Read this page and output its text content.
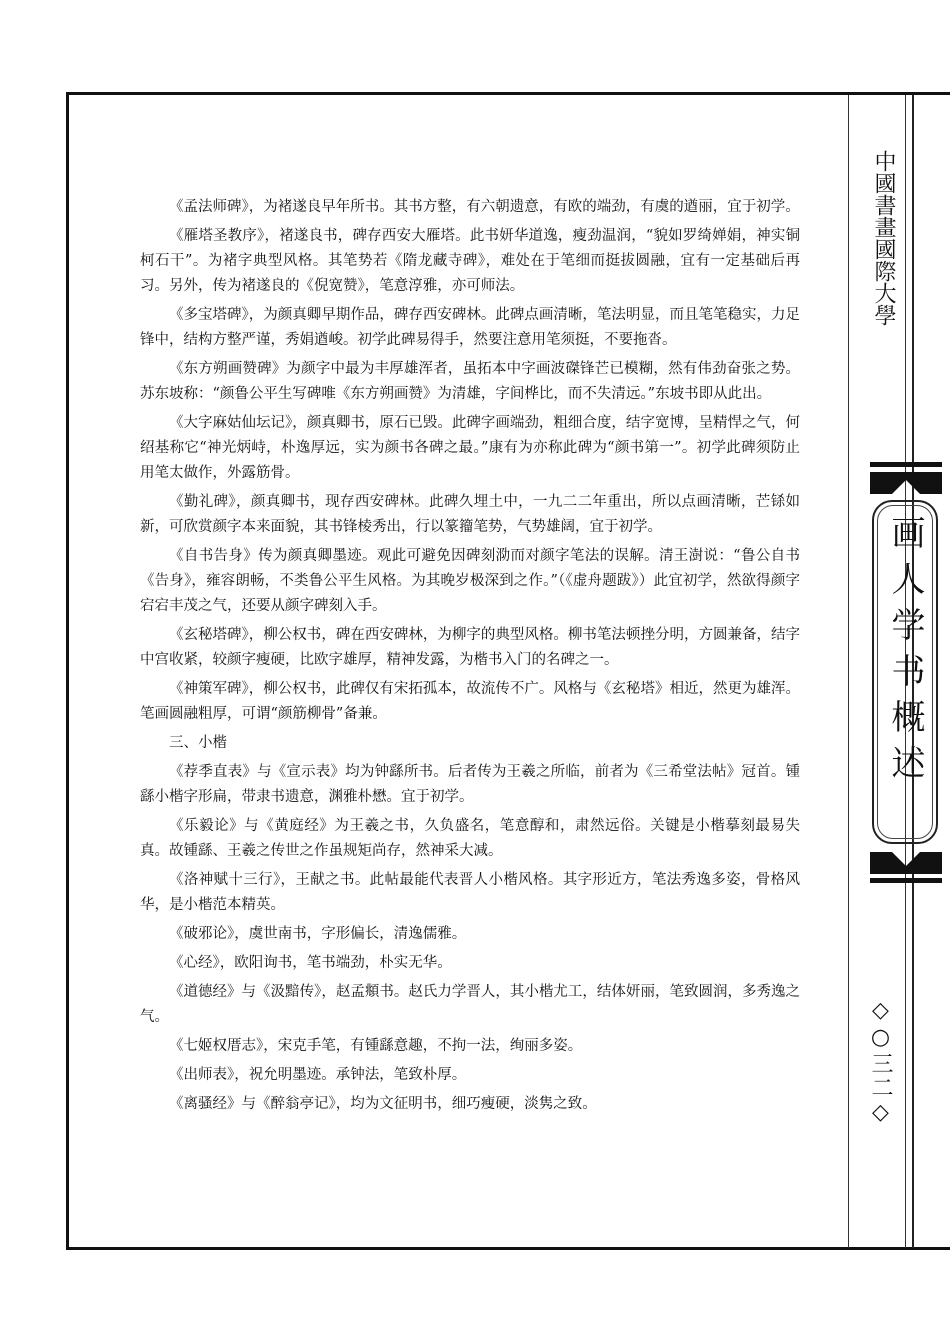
中國書畫國際大學
画人学书概述
◇○三二◇

《孟法师碑》，为褚遂良早年所书。其书方整，有六朝遗意，有欧的端劲，有虞的遒丽，宜于初学。

《雁塔圣教序》，褚遂良书，碑存西安大雁塔。此书妍华道逸，瘦劲温润，“貌如罗绮婵娟，神实铜柯石干”。为褚字典型风格。其笔势若《隋龙藏寺碑》，难处在于笔细而挺拔圆融，宜有一定基础后再习。另外，传为褚遂良的《倪宽赞》，笔意淳雅，亦可师法。

《多宝塔碑》，为颜真卿早期作品，碑存西安碑林。此碑点画清晰，笔法明显，而且笔笔稳实，力足锋中，结构方整严谨，秀娟遒峻。初学此碑易得手，然要注意用笔须挺，不要拖沓。

《东方朔画赞碑》为颜字中最为丰厚雄浑者，虽拓本中字画波磔锋芒已模糊，然有伟劲奋张之势。苏东坡称：“颜鲁公平生写碑唯《东方朔画赞》为清雄，字间桦比，而不失清远。”东坡书即从此出。

《大字麻姑仙坛记》，颜真卿书，原石已毁。此碑字画端劲，粗细合度，结字宽博，呈精悍之气，何绍基称它“神光炳峙，朴逸厚远，实为颜书各碑之最。”康有为亦称此碑为“颜书第一”。初学此碑须防止用笔太做作，外露筋骨。

《勤礼碑》，颜真卿书，现存西安碑林。此碑久埋土中，一九二二年重出，所以点画清晰，芒铩如新，可欣赏颜字本来面貌，其书锋棱秀出，行以篆籀笔势，气势雄阔，宜于初学。

《自书告身》传为颜真卿墨迹。观此可避免因碑刻泐而对颜字笔法的误解。清王澍说：“鲁公自书《告身》，雍容朗畅，不类鲁公平生风格。为其晚岁极深到之作。”（《虚舟题跋》）此宜初学，然欲得颜字宕宕丰茂之气，还要从颜字碑刻入手。

《玄秘塔碑》，柳公权书，碑在西安碑林，为柳字的典型风格。柳书笔法顿挫分明，方圆兼备，结字中宫收紧，较颜字瘦硬，比欧字雄厚，精神发露，为楷书入门的名碑之一。

《神策军碑》，柳公权书，此碑仅有宋拓孤本，故流传不广。风格与《玄秘塔》相近，然更为雄浑。笔画圆融粗厚，可谓“颜筋柳骨”备兼。

三、小楷

《荐季直表》与《宣示表》均为钟繇所书。后者传为王羲之所临，前者为《三希堂法帖》冠首。锺繇小楷字形扁，带隶书遗意，渊雅朴懋。宜于初学。

《乐毅论》与《黄庭经》为王羲之书，久负盛名，笔意醇和，肃然远俗。关键是小楷摹刻最易失真。故锺繇、王羲之传世之作虽规矩尚存，然神采大减。

《洛神赋十三行》，王献之书。此帖最能代表晋人小楷风格。其字形近方，笔法秀逸多姿，骨格风华，是小楷范本精英。

《破邪论》，虞世南书，字形偏长，清逸儒雅。

《心经》，欧阳询书，笔书端劲，朴实无华。

《道德经》与《汲黯传》，赵孟頫书。赵氏力学晋人，其小楷尤工，结体妍丽，笔致圆润，多秀逸之气。

《七姬权厝志》，宋克手笔，有锺繇意趣，不拘一法，绚丽多姿。

《出师表》，祝允明墨迹。承钟法，笔致朴厚。

《离骚经》与《醉翁亭记》，均为文征明书，细巧瘦硬，淡隽之致。
